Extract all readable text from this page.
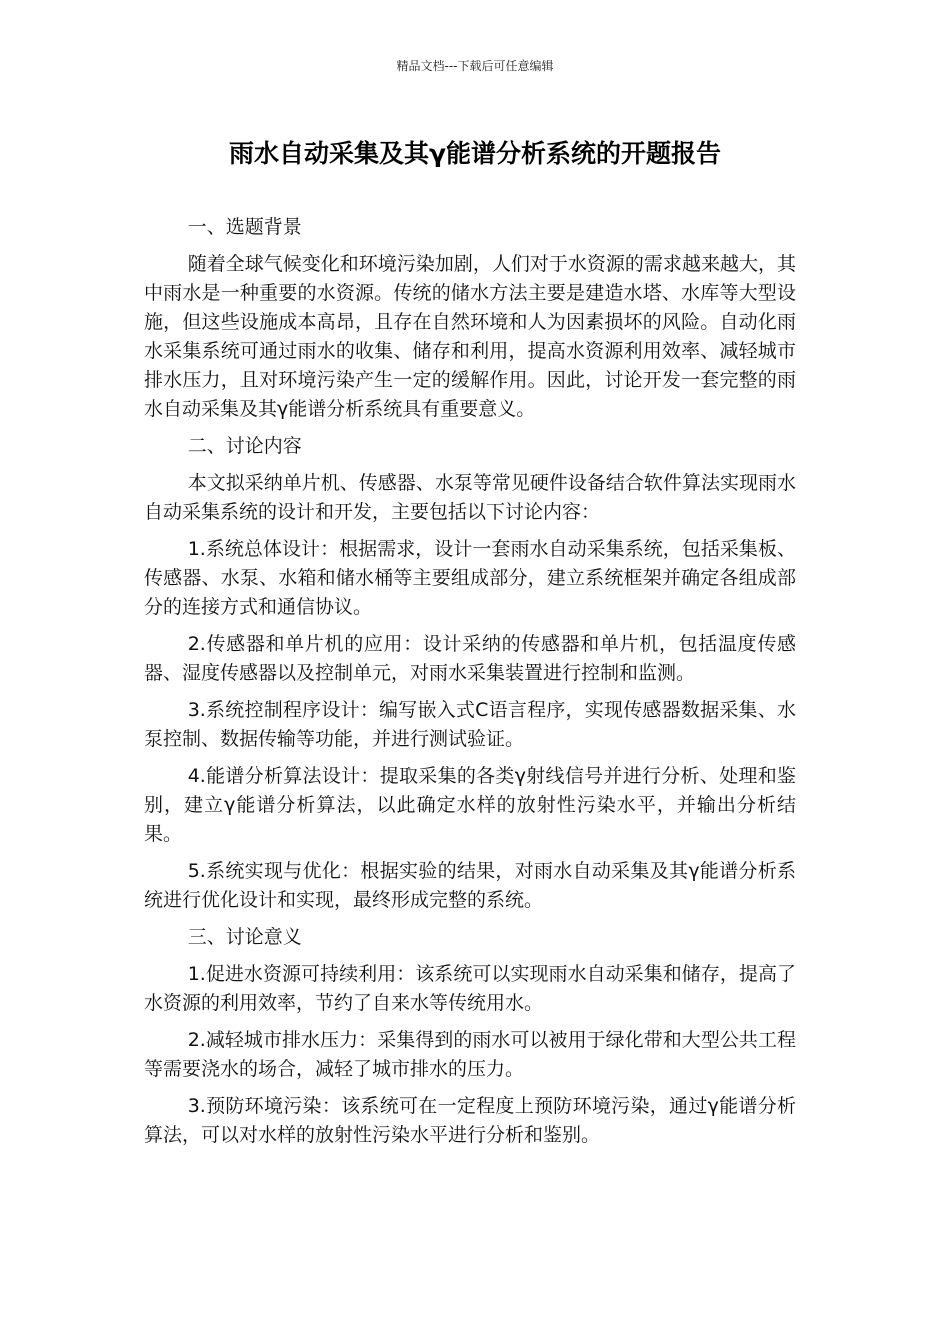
精品文档---下载后可任意编辑
雨水自动采集及其γ能谱分析系统的开题报告

一、选题背景

随着全球气候变化和环境污染加剧，人们对于水资源的需求越来越大，其中雨水是一种重要的水资源。传统的储水方法主要是建造水塔、水库等大型设施，但这些设施成本高昂，且存在自然环境和人为因素损坏的风险。自动化雨水采集系统可通过雨水的收集、储存和利用，提高水资源利用效率、减轻城市排水压力，且对环境污染产生一定的缓解作用。因此，讨论开发一套完整的雨水自动采集及其γ能谱分析系统具有重要意义。

二、讨论内容

本文拟采纳单片机、传感器、水泵等常见硬件设备结合软件算法实现雨水自动采集系统的设计和开发，主要包括以下讨论内容：

1.系统总体设计：根据需求，设计一套雨水自动采集系统，包括采集板、传感器、水泵、水箱和储水桶等主要组成部分，建立系统框架并确定各组成部分的连接方式和通信协议。

2.传感器和单片机的应用：设计采纳的传感器和单片机，包括温度传感器、湿度传感器以及控制单元，对雨水采集装置进行控制和监测。

3.系统控制程序设计：编写嵌入式C语言程序，实现传感器数据采集、水泵控制、数据传输等功能，并进行测试验证。

4.能谱分析算法设计：提取采集的各类γ射线信号并进行分析、处理和鉴别，建立γ能谱分析算法，以此确定水样的放射性污染水平，并输出分析结果。

5.系统实现与优化：根据实验的结果，对雨水自动采集及其γ能谱分析系统进行优化设计和实现，最终形成完整的系统。

三、讨论意义

1.促进水资源可持续利用：该系统可以实现雨水自动采集和储存，提高了水资源的利用效率，节约了自来水等传统用水。

2.减轻城市排水压力：采集得到的雨水可以被用于绿化带和大型公共工程等需要浇水的场合，减轻了城市排水的压力。

3.预防环境污染：该系统可在一定程度上预防环境污染，通过γ能谱分析算法，可以对水样的放射性污染水平进行分析和鉴别。
